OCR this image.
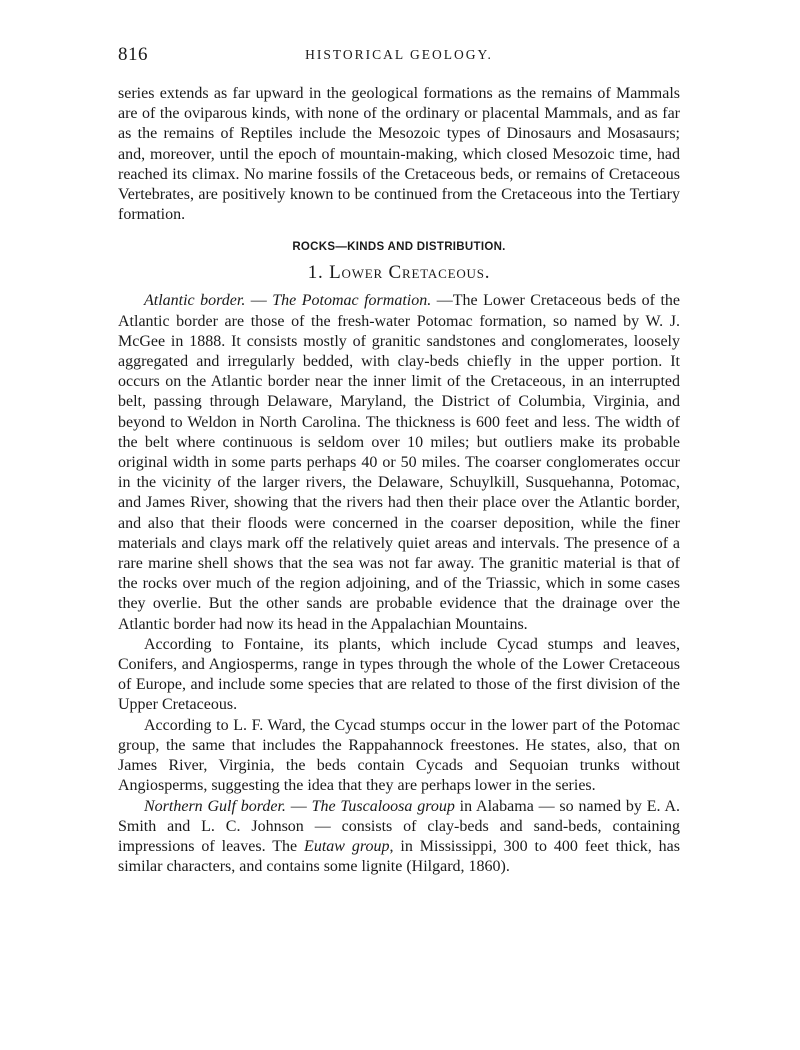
816	HISTORICAL GEOLOGY.

series extends as far upward in the geological formations as the remains of Mammals are of the oviparous kinds, with none of the ordinary or placental Mammals, and as far as the remains of Reptiles include the Mesozoic types of Dinosaurs and Mosasaurs; and, moreover, until the epoch of mountain-making, which closed Mesozoic time, had reached its climax. No marine fossils of the Cretaceous beds, or remains of Cretaceous Vertebrates, are positively known to be continued from the Cretaceous into the Tertiary formation.

ROCKS—KINDS AND DISTRIBUTION.
1. Lower Cretaceous.

Atlantic border. — The Potomac formation. —The Lower Cretaceous beds of the Atlantic border are those of the fresh-water Potomac formation, so named by W. J. McGee in 1888. It consists mostly of granitic sandstones and conglomerates, loosely aggregated and irregularly bedded, with clay-beds chiefly in the upper portion. It occurs on the Atlantic border near the inner limit of the Cretaceous, in an interrupted belt, passing through Delaware, Maryland, the District of Columbia, Virginia, and beyond to Weldon in North Carolina. The thickness is 600 feet and less. The width of the belt where continuous is seldom over 10 miles; but outliers make its probable original width in some parts perhaps 40 or 50 miles. The coarser conglomerates occur in the vicinity of the larger rivers, the Delaware, Schuylkill, Susquehanna, Potomac, and James River, showing that the rivers had then their place over the Atlantic border, and also that their floods were concerned in the coarser deposition, while the finer materials and clays mark off the relatively quiet areas and intervals. The presence of a rare marine shell shows that the sea was not far away. The granitic material is that of the rocks over much of the region adjoining, and of the Triassic, which in some cases they overlie. But the other sands are probable evidence that the drainage over the Atlantic border had now its head in the Appalachian Mountains.

According to Fontaine, its plants, which include Cycad stumps and leaves, Conifers, and Angiosperms, range in types through the whole of the Lower Cretaceous of Europe, and include some species that are related to those of the first division of the Upper Cretaceous.

According to L. F. Ward, the Cycad stumps occur in the lower part of the Potomac group, the same that includes the Rappahannock freestones. He states, also, that on James River, Virginia, the beds contain Cycads and Sequoian trunks without Angiosperms, suggesting the idea that they are perhaps lower in the series.

Northern Gulf border. — The Tuscaloosa group in Alabama — so named by E. A. Smith and L. C. Johnson — consists of clay-beds and sand-beds, containing impressions of leaves. The Eutaw group, in Mississippi, 300 to 400 feet thick, has similar characters, and contains some lignite (Hilgard, 1860).
